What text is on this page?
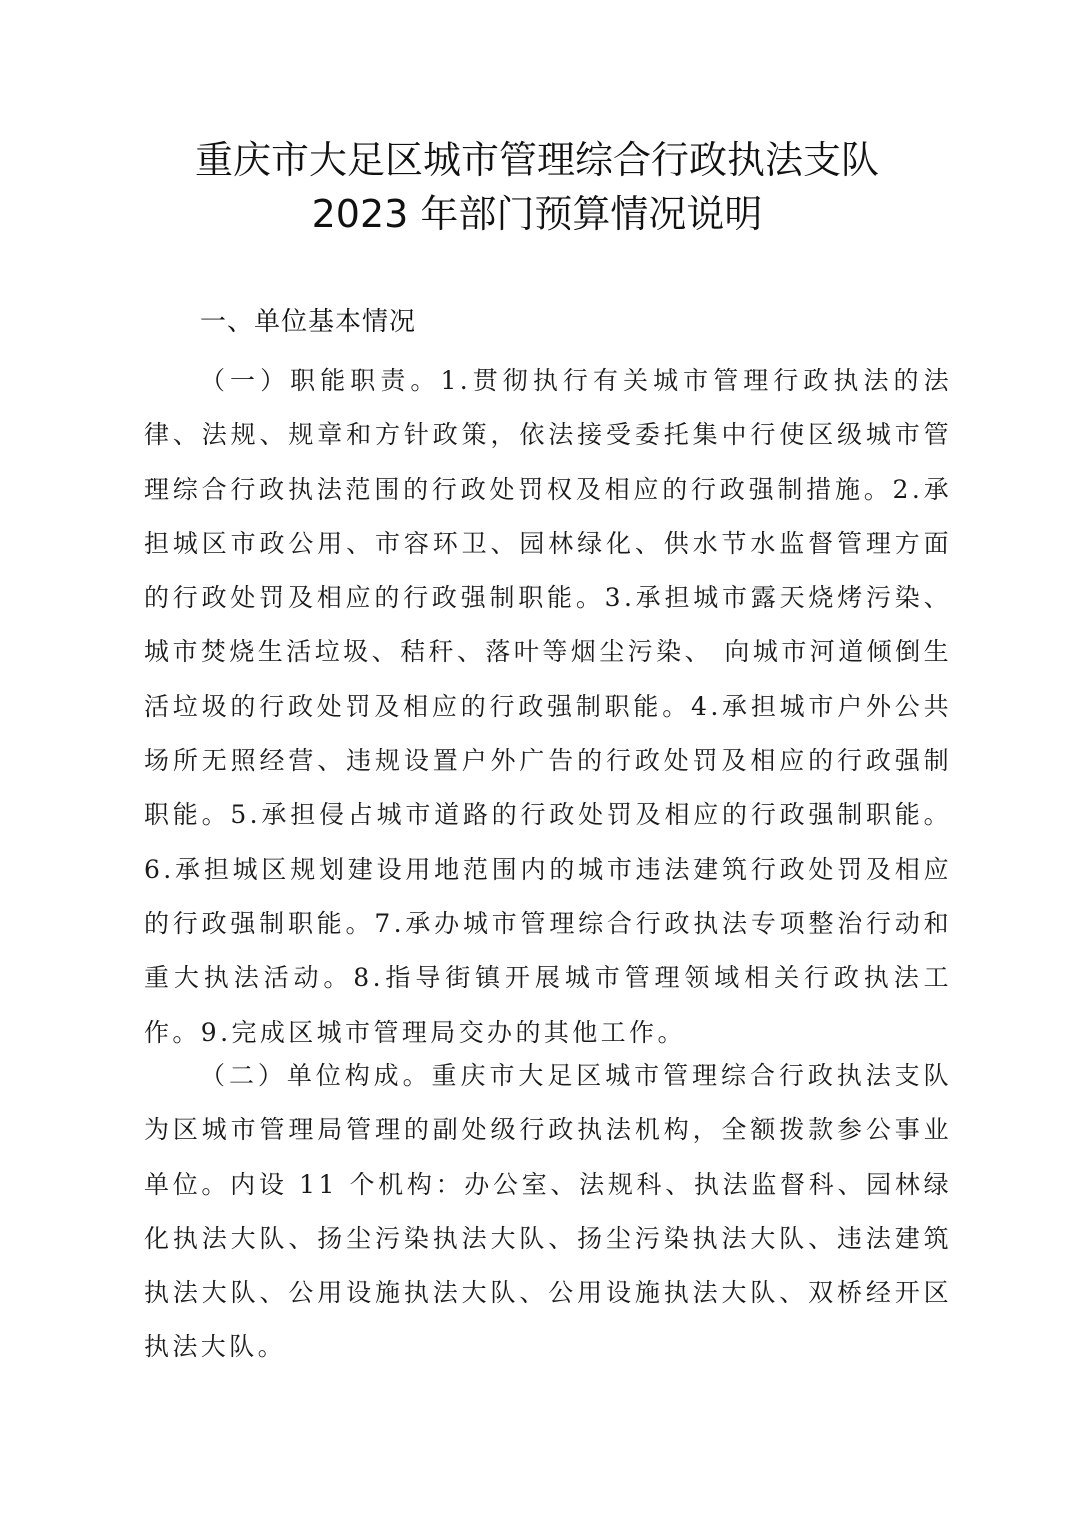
重庆市大足区城市管理综合行政执法支队
2023 年部门预算情况说明
一、单位基本情况
（一）职能职责。1.贯彻执行有关城市管理行政执法的法律、法规、规章和方针政策，依法接受委托集中行使区级城市管理综合行政执法范围的行政处罚权及相应的行政强制措施。2.承担城区市政公用、市容环卫、园林绿化、供水节水监督管理方面的行政处罚及相应的行政强制职能。3.承担城市露天烧烤污染、城市焚烧生活垃圾、秸秆、落叶等烟尘污染、 向城市河道倾倒生活垃圾的行政处罚及相应的行政强制职能。4.承担城市户外公共场所无照经营、违规设置户外广告的行政处罚及相应的行政强制职能。5.承担侵占城市道路的行政处罚及相应的行政强制职能。6.承担城区规划建设用地范围内的城市违法建筑行政处罚及相应的行政强制职能。7.承办城市管理综合行政执法专项整治行动和重大执法活动。8.指导街镇开展城市管理领域相关行政执法工作。9.完成区城市管理局交办的其他工作。
（二）单位构成。重庆市大足区城市管理综合行政执法支队为区城市管理局管理的副处级行政执法机构，全额拨款参公事业单位。内设 11 个机构：办公室、法规科、执法监督科、园林绿化执法大队、扬尘污染执法大队、扬尘污染执法大队、违法建筑执法大队、公用设施执法大队、公用设施执法大队、双桥经开区执法大队。
